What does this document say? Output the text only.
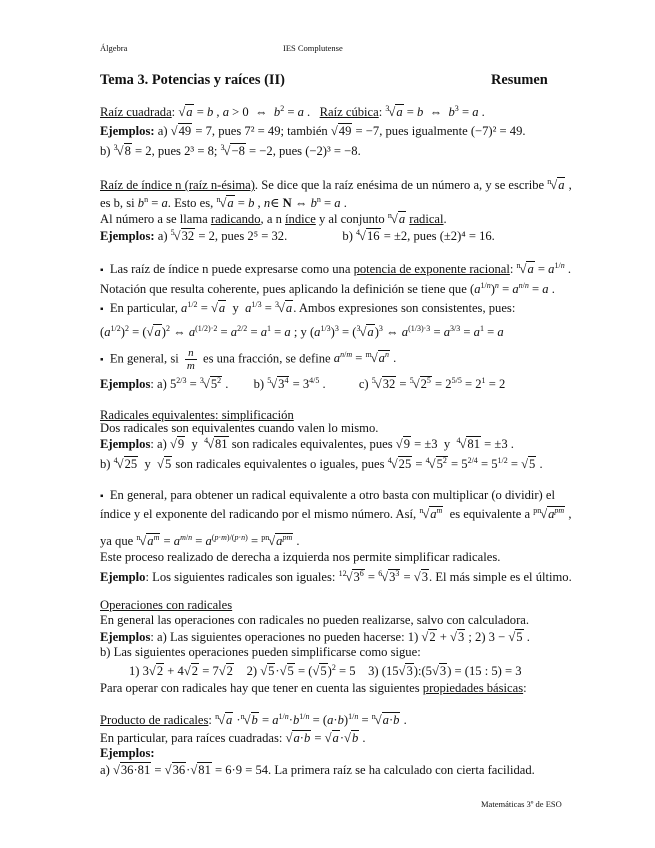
Álgebra	IES Complutense
Tema 3. Potencias y raíces (II)	Resumen
Raíz cuadrada: √a = b , a > 0  ⇔  $b^2 = a$ . Raíz cúbica: $^3$√a = b  ⇔  $b^3 = a$ .
Ejemplos: a) √49 = 7, pues 7² = 49; también √49 = −7, pues igualmente (−7)² = 49.
b) $^3$√8 = 2, pues 2³ = 8; $^3$√−8 = −2, pues (−2)³ = −8.
Raíz de índice n (raíz n-ésima). Se dice que la raíz enésima de un número a, y se escribe $^n$√a ,
es b, si $b^n = a$. Esto es, $^n$√a = b , n∈ N ⇔ $b^n = a$ .
Al número a se llama radicando, a n índice y al conjunto $^n$√a radical.
Ejemplos: a) $^5$√32 = 2, pues 2⁵ = 32.	b) $^4$√16 = ±2, pues (±2)⁴ = 16.
▪ Las raíz de índice n puede expresarse como una potencia de exponente racional: $^n√a = a^{1/n}$ .
Notación que resulta coherente, pues aplicando la definición se tiene que $(a^{1/n})^n = a^{n/n} = a$ .
▪ En particular, $a^{1/2} = √a$  y  $a^{1/3} = ^3√a$. Ambos expresiones son consistentes, pues:
$(a^{1/2})^2 = (√a)^2$ ⇔ $a^{(1/2)\cdot 2} = a^{2/2} = a^1 = a$ ; y $(a^{1/3})^3 = (^3√a)^3$ ⇔ $a^{(1/3)\cdot 3} = a^{3/3} = a^1 = a$
▪ En general, si $\frac{n}{m}$ es una fracción, se define $a^{n/m} = ^m√a^n$ .
Ejemplos: a) $5^{2/3} = ^3√5^2$ . b) $^5√3^4 = 3^{4/5}$ .	c) $^5√32 = ^5√2^5 = 2^{5/5} = 2^1 = 2$
Radicales equivalentes: simplificación
Dos radicales son equivalentes cuando valen lo mismo.
Ejemplos: a) √9  y  $^4$√81 son radicales equivalentes, pues √9 = ±3  y  $^4$√81 = ±3 .
b) $^4$√25  y  √5 son radicales equivalentes o iguales, pues $^4√25 = ^4√5^2 = 5^{2/4} = 5^{1/2} = √5$ .
▪ En general, para obtener un radical equivalente a otro basta con multiplicar (o dividir) el
índice y el exponente del radicando por el mismo número. Así, $^n√a^m$ es equivalente a $^{pn}√a^{pm}$ ,
ya que $^n√a^m = a^{m/n} = a^{(p\cdot m)/(p\cdot n)} = ^{pn}√a^{pm}$ .
Este proceso realizado de derecha a izquierda nos permite simplificar radicales.
Ejemplo: Los siguientes radicales son iguales: $^{12}√3^6 = ^6√3^3 = √3$. El más simple es el último.
Operaciones con radicales
En general las operaciones con radicales no pueden realizarse, salvo con calculadora.
Ejemplos: a) Las siguientes operaciones no pueden hacerse: 1) √2 + √3 ; 2) 3 − √5 .
b) Las siguientes operaciones pueden simplificarse como sigue:
1) 3√2 + 4√2 = 7√2    2) $√5\cdot√5 = (√5)^2 = 5$    3) (15√3):(5√3) = (15 : 5) = 3
Para operar con radicales hay que tener en cuenta las siguientes propiedades básicas:
Producto de radicales: $^n√a \cdot^n√b = a^{1/n}\cdot b^{1/n} = (a\cdot b)^{1/n} = ^n√a\cdot b$ .
En particular, para raíces cuadradas: √a·b = √a·√b .
Ejemplos:
a) √36·81 = √36·√81 = 6·9 = 54. La primera raíz se ha calculado con cierta facilidad.
Matemáticas 3º de ESO
